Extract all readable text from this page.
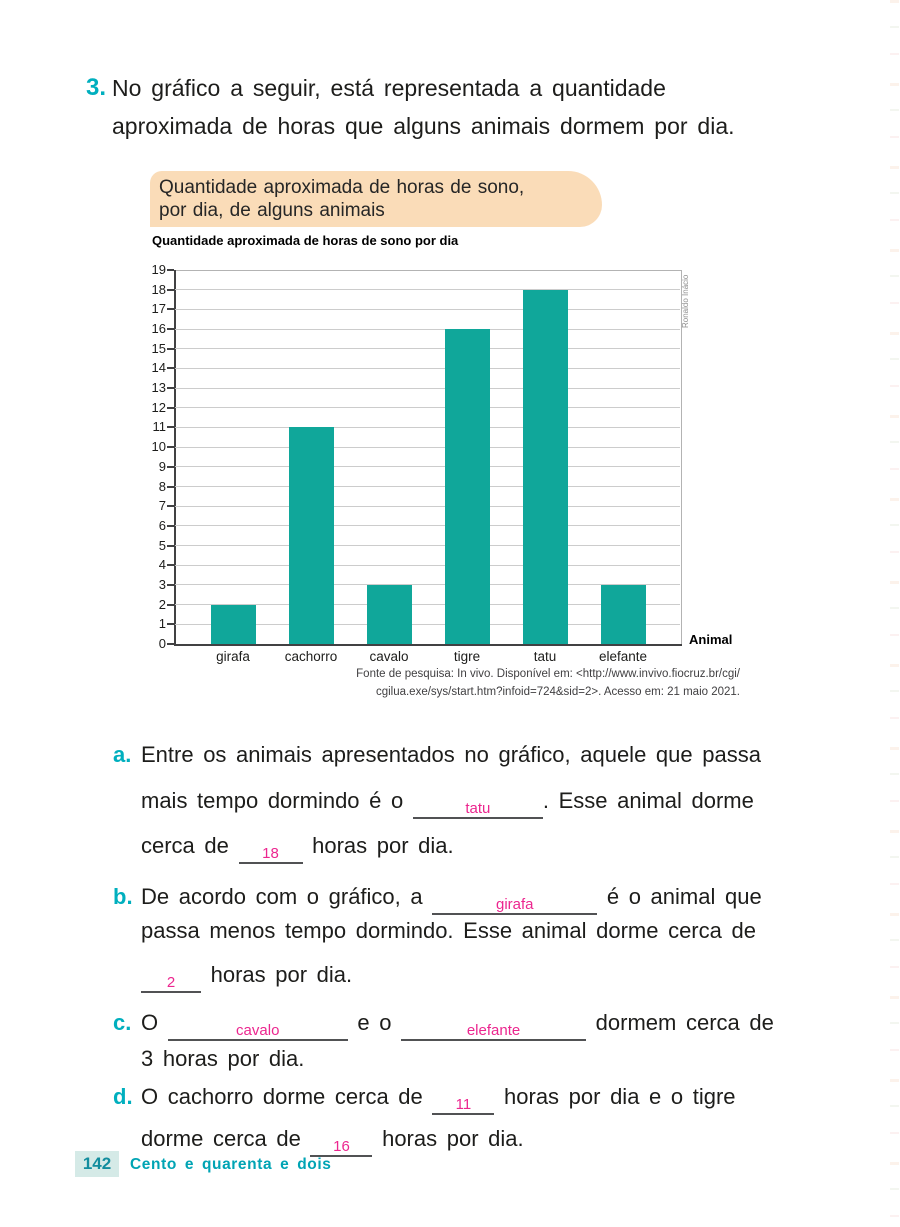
3. No gráfico a seguir, está representada a quantidade
aproximada de horas que alguns animais dormem por dia.
Quantidade aproximada de horas de sono,
por dia, de alguns animais
Quantidade aproximada de horas de sono por dia
Ronaldo Inácio
Animal
Fonte de pesquisa: In vivo. Disponível em: <http://www.invivo.fiocruz.br/cgi/
cgilua.exe/sys/start.htm?infoid=724&sid=2>. Acesso em: 21 maio 2021.
0
1
2
3
4
5
6
7
8
9
10
11
12
13
14
15
16
17
18
19
girafa	cachorro	cavalo	tigre	tatu	elefante
a. Entre os animais apresentados no gráfico, aquele que passa
mais tempo dormindo é o	tatu . Esse animal dorme
cerca de 18 horas por dia.
b. De acordo com o gráfico, a	girafa	é o animal que
passa menos tempo dormindo. Esse animal dorme cerca de
2 horas por dia.
c. O	cavalo	e o	elefante	dormem cerca de
3 horas por dia.
d. O cachorro dorme cerca de 11 horas por dia e o tigre
dorme cerca de 16 horas por dia.
142	Cento e quarenta e dois
